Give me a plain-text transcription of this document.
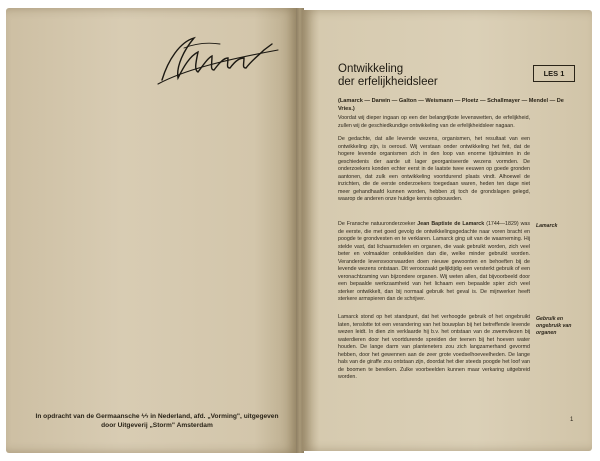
In opdracht van de Germaansche ϟϟ in Nederland, afd. „Vorming", uitgegeven
door Uitgeverij „Storm" Amsterdam
Ontwikkeling
der erfelijkheidsleer
LES 1
(Lamarck — Darwin — Galton — Weismann — Ploetz — Schallmayer — Mendel — De Vries.)

Voordat wij dieper ingaan op een der belangrijkste levenswetten, de erfelijkheid, zullen wij de geschiedkundige ontwikkeling van de erfelijkheidsleer nagaan.

De gedachte, dat alle levende wezens, organismen, het resultaat van een ontwikkeling zijn, is oeroud. Wij verstaan onder ontwikkeling het feit, dat de hogere levende organismen zich in den loop van enorme tijdruimten in de geschiedenis der aarde uit lager georganiseerde wezens vormden. De onderzoekers konden echter eerst in de laatste twee eeuwen op goede gronden aantonen, dat zulk een ontwikkeling voortdurend plaats vindt. Alhoewel de inzichten, die de eerste onderzoekers toegedaan waren, heden ten dage niet meer gehandhaafd kunnen worden, hebben zij toch de grondslagen gelegd, waarop de anderen onze huidige kennis opbouwden.

De Fransche natuuronderzoeker Jean Baptiste de Lamarck (1744—1829) was de eerste, die met goed gevolg de ontwikkelingsgedachte naar voren bracht en poogde te grondvesten en te verklaren. Lamarck ging uit van de waarneming. Hij stelde vast, dat lichaamsdelen en organen, die vaak gebruikt worden, zich veel beter en volmaakter ontwikkelden dan die, welke minder gebruikt worden. Veranderde levensvoorwaarden doen nieuwe gewoonten en behoeften bij de levende wezens ontstaan. Dit veroorzaakt gelijktijdig een versterkt gebruik of een veronachtzaming van bijzondere organen. Wij weten allen, dat bijvoorbeeld door een bepaalde werkzaamheid van het lichaam een bepaalde spier zich veel sterker ontwikkelt, dan bij normaal gebruik het geval is. De mijnwerker heeft sterkere armspieren dan de schrijver.

Lamarck

Lamarck stond op het standpunt, dat het verhoogde gebruik of het ongebruikt laten, tenslotte tot een verandering van het bouwplan bij het betreffende levende wezen leidt. In dien zin verklaarde hij b.v. het ontstaan van de zwemvliezen bij waterdieren door het voortdurende spreiden der teenen bij het hoeven water houden. De lange darm van planteneters zou zich langzamerhand gevormd hebben, door het gewennen aan de zeer grote voedselhoeveelheden. De lange hals van de giraffe zou ontstaan zijn, doordat het dier steeds poogde het loof van de boomen te bereiken. Zulke voorbeelden kunnen maar verkaring uitgebreid worden.

Gebruik en ongebruik van organen
1
